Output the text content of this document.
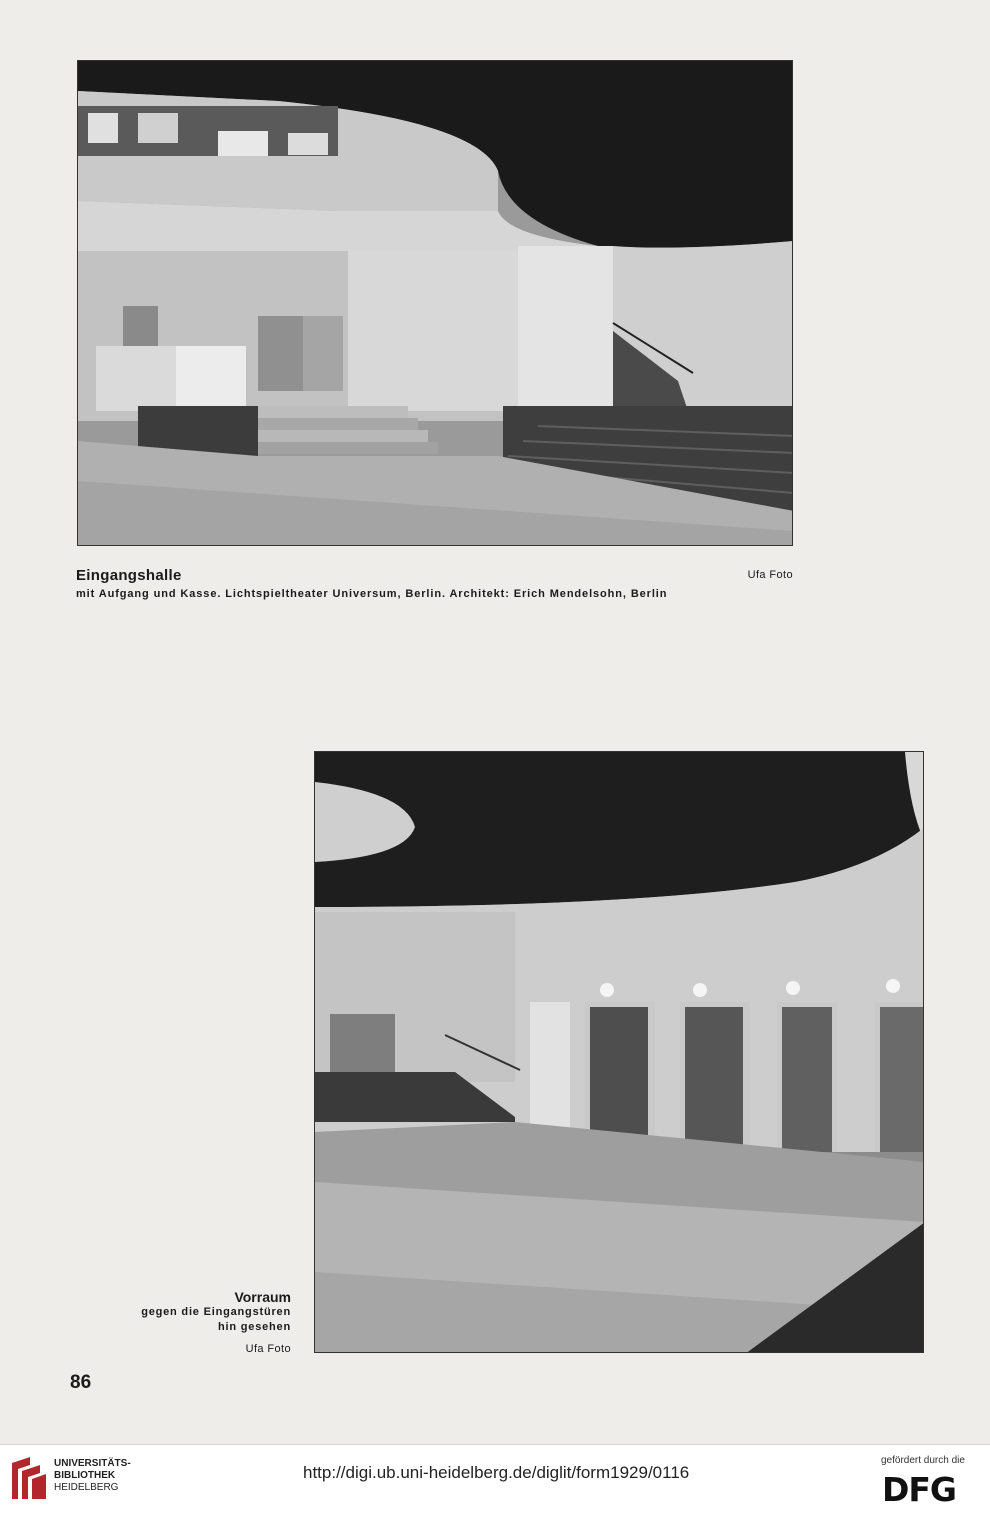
Eingangshalle	Ufa Foto
mit Aufgang und Kasse. Lichtspieltheater Universum, Berlin. Architekt: Erich Mendelsohn, Berlin
Vorraum
gegen die Eingangstüren
hin gesehen
Ufa Foto
86
UNIVERSITÄTS-
BIBLIOTHEK
HEIDELBERG
http://digi.ub.uni-heidelberg.de/diglit/form1929/0116
gefördert durch die
DFG
